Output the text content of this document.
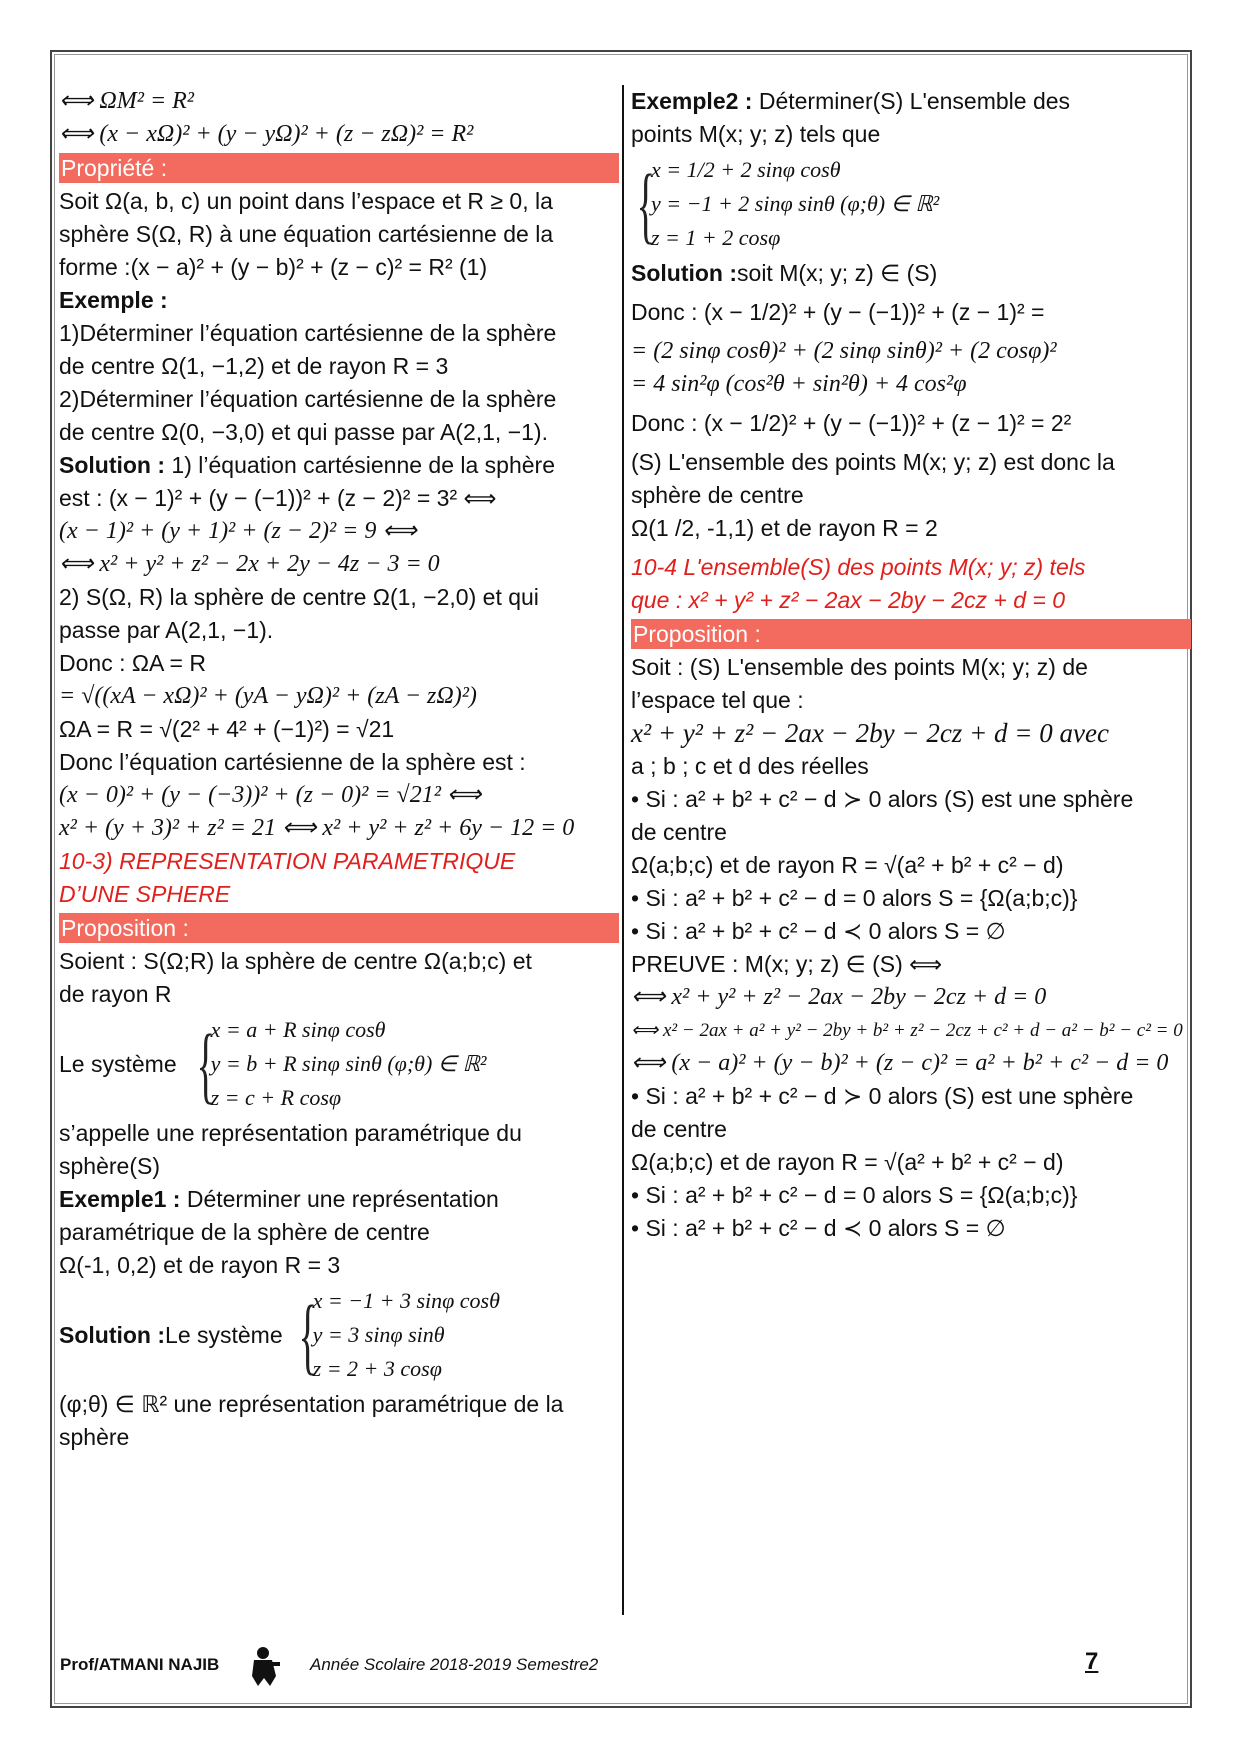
⟺ ΩM² = R²
⟺ (x − xΩ)² + (y − yΩ)² + (z − zΩ)² = R²
Propriété :
Soit Ω(a, b, c) un point dans l’espace et R ≥ 0, la
sphère S(Ω, R) à une équation cartésienne de la
forme :(x − a)² + (y − b)² + (z − c)² = R² (1)
Exemple :
1)Déterminer l’équation cartésienne de la sphère
de centre Ω(1, −1,2) et de rayon R = 3
2)Déterminer l’équation cartésienne de la sphère
de centre Ω(0, −3,0) et qui passe par A(2,1, −1).
Solution : 1) l’équation cartésienne de la sphère
est : (x − 1)² + (y − (−1))² + (z − 2)² = 3² ⟺
(x − 1)² + (y + 1)² + (z − 2)² = 9 ⟺
⟺ x² + y² + z² − 2x + 2y − 4z − 3 = 0
2) S(Ω, R) la sphère de centre Ω(1, −2,0) et qui
passe par A(2,1, −1).
Donc : ΩA = R
= √((xA − xΩ)² + (yA − yΩ)² + (zA − zΩ)²)
ΩA = R = √(2² + 4² + (−1)²) = √21
Donc l’équation cartésienne de la sphère est :
(x − 0)² + (y − (−3))² + (z − 0)² = √21² ⟺
x² + (y + 3)² + z² = 21 ⟺ x² + y² + z² + 6y − 12 = 0
10-3) REPRESENTATION PARAMETRIQUE
D’UNE SPHERE
Proposition :
Soient : S(Ω;R) la sphère de centre Ω(a;b;c) et
de rayon R
Le système {
x = a + R sinφ cosθ
y = b + R sinφ sinθ (φ;θ) ∈ ℝ²
z = c + R cosφ
s’appelle une représentation paramétrique du
sphère(S)
Exemple1 : Déterminer une représentation
paramétrique de la sphère de centre
Ω(-1, 0,2) et de rayon R = 3
Solution : Le système {
x = −1 + 3 sinφ cosθ
y = 3 sinφ sinθ
z = 2 + 3 cosφ
(φ;θ) ∈ ℝ² une représentation paramétrique de la
sphère
Exemple2 : Déterminer(S) L'ensemble des
points M(x; y; z) tels que
{
x = 1/2 + 2 sinφ cosθ
y = −1 + 2 sinφ sinθ (φ;θ) ∈ ℝ²
z = 1 + 2 cosφ
Solution :soit M(x; y; z) ∈ (S)
Donc : (x − 1/2)² + (y − (−1))² + (z − 1)² =
= (2 sinφ cosθ)² + (2 sinφ sinθ)² + (2 cosφ)²
= 4 sin²φ (cos²θ + sin²θ) + 4 cos²φ
Donc : (x − 1/2)² + (y − (−1))² + (z − 1)² = 2²
(S) L'ensemble des points M(x; y; z) est donc la
sphère de centre
Ω(1 /2, -1,1) et de rayon R = 2
10-4 L'ensemble(S) des points M(x; y; z) tels
que : x² + y² + z² − 2ax − 2by − 2cz + d = 0
Proposition :
Soit : (S) L'ensemble des points M(x; y; z) de
l’espace tel que :
x² + y² + z² − 2ax − 2by − 2cz + d = 0 avec
a ; b ; c et d des réelles
• Si : a² + b² + c² − d ≻ 0 alors (S) est une sphère
de centre
Ω(a;b;c) et de rayon R = √(a² + b² + c² − d)
• Si : a² + b² + c² − d = 0 alors S = {Ω(a;b;c)}
• Si : a² + b² + c² − d ≺ 0 alors S = ∅
PREUVE : M(x; y; z) ∈ (S) ⟺
⟺ x² + y² + z² − 2ax − 2by − 2cz + d = 0
⟺ x² − 2ax + a² + y² − 2by + b² + z² − 2cz + c² + d − a² − b² − c² = 0
⟺ (x − a)² + (y − b)² + (z − c)² = a² + b² + c² − d = 0
• Si : a² + b² + c² − d ≻ 0 alors (S) est une sphère
de centre
Ω(a;b;c) et de rayon R = √(a² + b² + c² − d)
• Si : a² + b² + c² − d = 0 alors S = {Ω(a;b;c)}
• Si : a² + b² + c² − d ≺ 0 alors S = ∅
Prof/ATMANI NAJIB	Année Scolaire 2018-2019 Semestre2	7
